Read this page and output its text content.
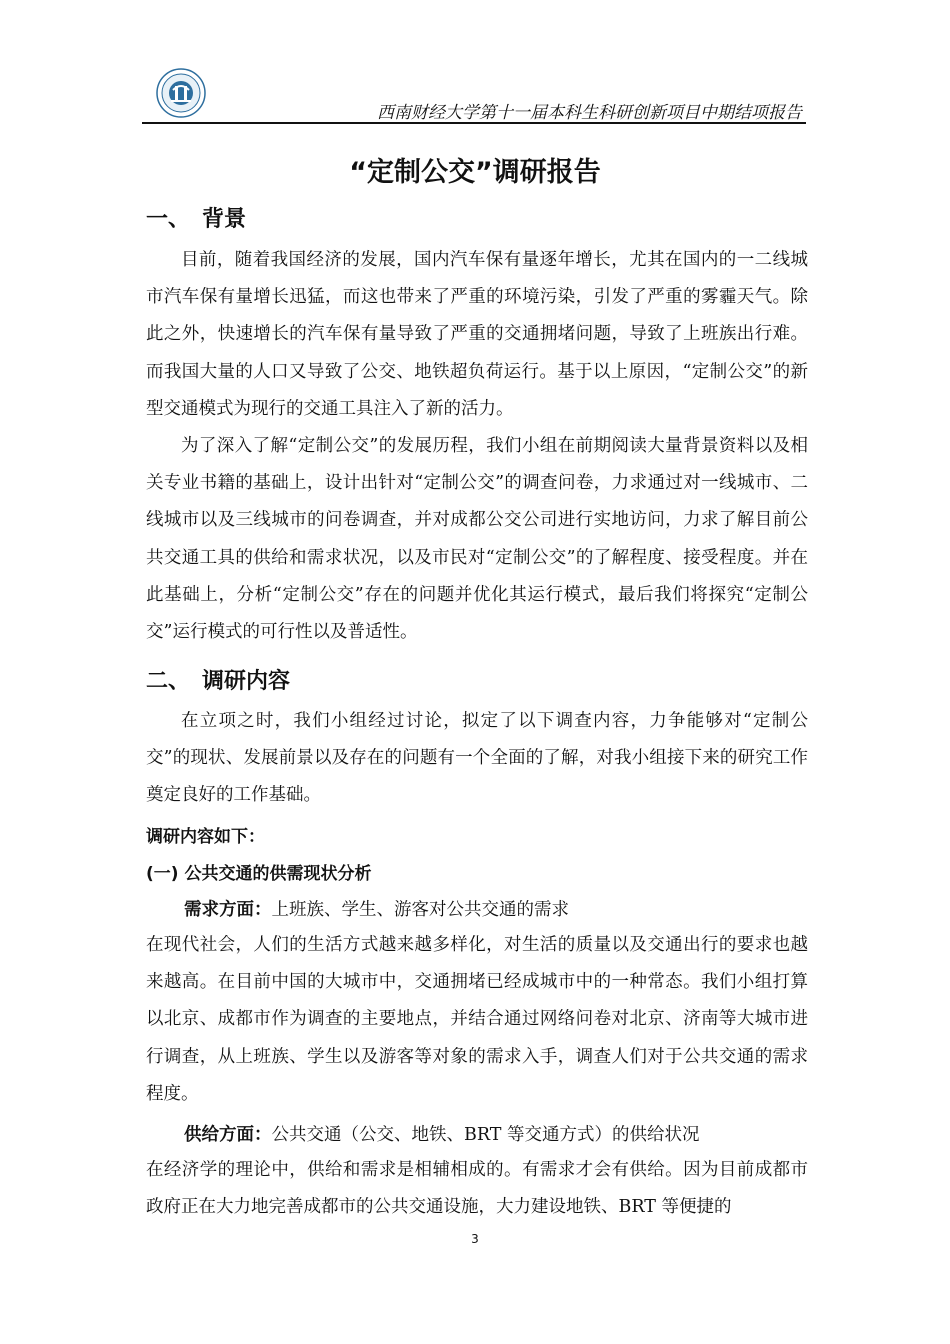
西南财经大学第十一届本科生科研创新项目中期结项报告
“定制公交”调研报告
一、 背景

目前，随着我国经济的发展，国内汽车保有量逐年增长，尤其在国内的一二线城市汽车保有量增长迅猛，而这也带来了严重的环境污染，引发了严重的雾霾天气。除此之外，快速增长的汽车保有量导致了严重的交通拥堵问题，导致了上班族出行难。而我国大量的人口又导致了公交、地铁超负荷运行。基于以上原因，“定制公交”的新型交通模式为现行的交通工具注入了新的活力。

为了深入了解“定制公交”的发展历程，我们小组在前期阅读大量背景资料以及相关专业书籍的基础上，设计出针对“定制公交”的调查问卷，力求通过对一线城市、二线城市以及三线城市的问卷调查，并对成都公交公司进行实地访问，力求了解目前公共交通工具的供给和需求状况，以及市民对“定制公交”的了解程度、接受程度。并在此基础上，分析“定制公交”存在的问题并优化其运行模式，最后我们将探究“定制公交”运行模式的可行性以及普适性。

二、 调研内容

在立项之时，我们小组经过讨论，拟定了以下调查内容，力争能够对“定制公交”的现状、发展前景以及存在的问题有一个全面的了解，对我小组接下来的研究工作奠定良好的工作基础。

调研内容如下：
(一) 公共交通的供需现状分析
需求方面：上班族、学生、游客对公共交通的需求

在现代社会，人们的生活方式越来越多样化，对生活的质量以及交通出行的要求也越来越高。在目前中国的大城市中，交通拥堵已经成城市中的一种常态。我们小组打算以北京、成都市作为调查的主要地点，并结合通过网络问卷对北京、济南等大城市进行调查，从上班族、学生以及游客等对象的需求入手，调查人们对于公共交通的需求程度。

供给方面：公共交通（公交、地铁、BRT 等交通方式）的供给状况

在经济学的理论中，供给和需求是相辅相成的。有需求才会有供给。因为目前成都市政府正在大力地完善成都市的公共交通设施，大力建设地铁、BRT 等便捷的

3
